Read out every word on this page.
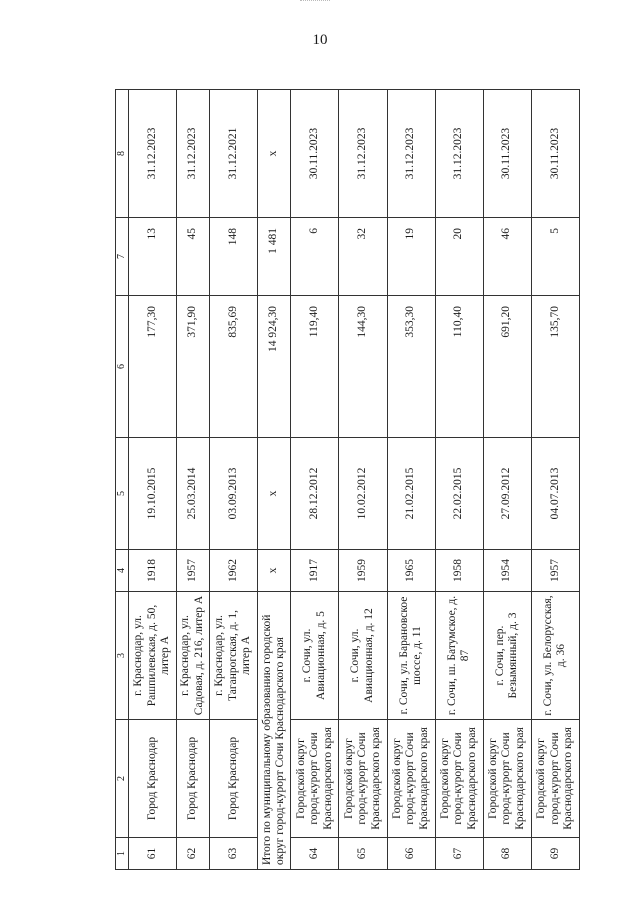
10
1	2	3	4	5	6	7	8
61	Город Краснодар	г. Краснодар, ул. Рашпилевская, д. 50, литер А	1918	19.10.2015	177,30	13	31.12.2023
62	Город Краснодар	г. Краснодар, ул. Садовая, д. 216, литер А	1957	25.03.2014	371,90	45	31.12.2023
63	Город Краснодар	г. Краснодар, ул. Таганрогская, д. 1, литер А	1962	03.09.2013	835,69	148	31.12.2021
Итого по муниципальному образованию городской округ город-курорт Сочи Краснодарского края			x	x	14 924,30	1 481	x
64	Городской округ город-курорт Сочи Краснодарского края	г. Сочи, ул. Авиационная, д. 5	1917	28.12.2012	119,40	6	30.11.2023
65	Городской округ город-курорт Сочи Краснодарского края	г. Сочи, ул. Авиационная, д. 12	1959	10.02.2012	144,30	32	31.12.2023
66	Городской округ город-курорт Сочи Краснодарского края	г. Сочи, ул. Барановское шоссе, д. 11	1965	21.02.2015	353,30	19	31.12.2023
67	Городской округ город-курорт Сочи Краснодарского края	г. Сочи, ш. Батумское, д. 87	1958	22.02.2015	110,40	20	31.12.2023
68	Городской округ город-курорт Сочи Краснодарского края	г. Сочи, пер. Безымянный, д. 3	1954	27.09.2012	691,20	46	30.11.2023
69	Городской округ город-курорт Сочи Краснодарского края	г. Сочи, ул. Белорусская, д. 36	1957	04.07.2013	135,70	5	30.11.2023
